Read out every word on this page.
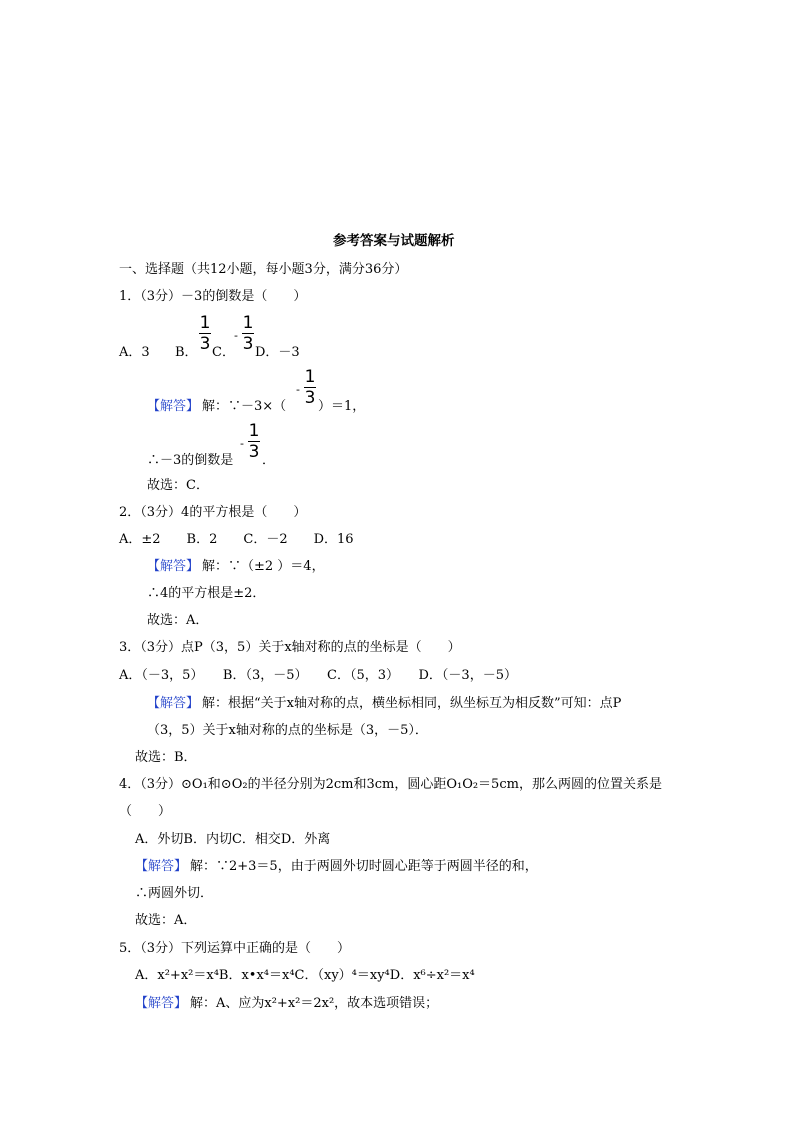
参考答案与试题解析
一、选择题（共12小题，每小题3分，满分36分）
1．（3分）－3的倒数是（　　）
A．3 B．
1
3 C．
-
1
3 D．－3
【解答】 解：∵－3×（
-
1
3 ）＝1，
∴－3的倒数是
-
1
3 ．
故选：C．
2．（3分）4的平方根是（　　）
A．±2　　B．2　　C．－2　　D．16
【解答】 解：∵（±2 ）＝4，
∴4的平方根是±2．
故选：A．
3．（3分）点P（3，5）关于x轴对称的点的坐标是（　　）
A．（－3，5）　　B．（3，－5）　　C．（5，3）　　D．（－3，－5）
【解答】 解：根据“关于x轴对称的点，横坐标相同，纵坐标互为相反数”可知：点P
（3，5）关于x轴对称的点的坐标是（3，－5）．
故选：B．
4．（3分）⊙O₁和⊙O₂的半径分别为2cm和3cm，圆心距O₁O₂＝5cm，那么两圆的位置关系是
（　　）
A．外切B．内切C．相交D．外离
【解答】 解：∵2+3＝5，由于两圆外切时圆心距等于两圆半径的和，
∴两圆外切．
故选：A．
5．（3分）下列运算中正确的是（　　）
A．x²+x²＝x⁴B．x•x⁴＝x⁴C．（xy）⁴＝xy⁴D．x⁶÷x²＝x⁴
【解答】 解：A、应为x²+x²＝2x²，故本选项错误；
